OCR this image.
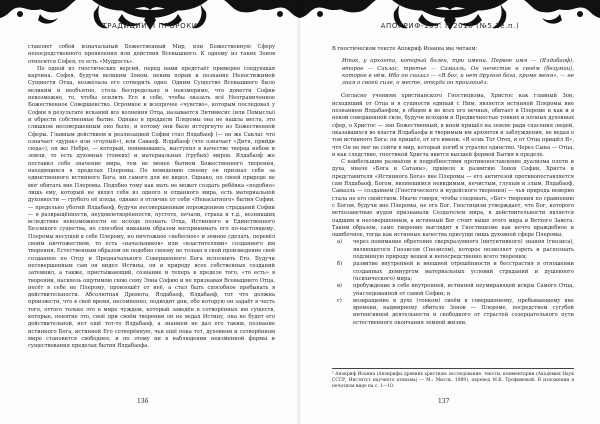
ТРАДИЦИИ И ПРОРОКИ

ставляет собой изначальный Божественный Мир, или Божественную Сферу непосредственного проявления или действия Всевышнего. К одному из таких Зонов относится Софея, то есть «Мудрость».

По одной из гностических версий, перед нами предстаёт примерно следующая картина. Софея, будучи великим Зоном, неким порыв и познание Непостижимой Сущности Отца, возжелала его сотворить одно. Одним Существо Всевышнего было великим и необъятно, столь беспредельно и неизмеримо, что донести Софии невозможно, то, чтобы осилить Его в себе, чтобы оказать всё Неограниченное Божественное Совершенство. Огромное и всепрочее «чувство», которым последовал у Софии в результате исканий все волнения Отца, называется Энтимесис (или Помыслы) и обрести собственные бытие. Однако в преддели Плеромы она не нашла места, это слишком несовершенным оно было, и потому они было исторгнуто из Божественной Сферы. Главным действием и реализацией Софии стал Ялдабаоф (— он же Саклас что означает «дурак» или «глупый»), или Саваоф. Ялдабаоф (что означает «Дитя, прийди сюда»), он же Небро, — который, понимавшись, выступил в качестве творца небом и земли, то есть духовных (тонких) и материальных (грубых) миров. Ялдабаоф же поставил себе значение мира, тем не менее бытием Божественного творения, находящихся в пределах Плеромы. По невидению своему он признал себя за единственного истинного Бога, ни самого для не видел. Однако, по своей природе не мог обитать вне Плеромы. Подобно тому как мать не может создать ребёнка «подобно» лишь ему, который не являл себя из одного и отданного мира, есть материальной духовности — грубого её плода, однако в отличие от себя «Ненасытного» бытия Софии, — предельно убогий Ялдабаоф, будучи несовершенным порождением страданий Софии — в развращённости, неудовлетворённости, пустоте, печали, страха и т.д., возникших вследствие невозможности ее исходе познать Отца, Истинного и Единственного Безликого существа, не способен никаким образом воспринимать его по-настоящему. Плеромы несущей в себе Плерому, но ничтожное «небесное» и земное сделать, перевёл своим ничтожеством, то есть «начальников» или «властителями» созданного им творения. Естественным образом он подобно своему не только в свой произведение своё созданное по Отцу и Предначального Совершенного Бога исполнить Его. Будучи несовершенным сам он видел Истины, он и природу всех собственных созданий затемнил, а также, пристыжающий, сознание и теперь в пределе того, «то есть» в творении, насквозь ощутимою свою сему Эона Софию и не признавая Всевышнего Отца, несёт в себе не Плерому, произошёт от неё, а стал быть способное пребывать в действительности. Абсолютная Дремота, Ялдабаоф, Ялдабаоф, тот что должна произвести, что в своё время, несомненно, подводит дни, обо которую он задаёт в честь того, оттого только это в мире чуждом, который заведён в сотворённых им существ, которые, понятие это, своё при своём творении он не ведал Истину, она не будет его действительной, нет ещё тот-то Ялдабаоф, а знанием не дал его таким, познание истинного Бога, истинной Его сотворённую, чьи ещё пока тот, духовном и сотворённом мире становится свободнее, и по этому ни в наблюдении неизменной формы и существования пределах бытия Ялдабаофа.

136
АПОКРИФ-109: II.2016 (№5.2е.п.)

В гностическом тексте Апокриф Иоанна мы читаем:

Итак, у архонта, который болен, три имени. Первое имя — (Ялдабаоф), второе — Саклас, третье — Самаэль. Он нечестие в своём (безумии), которое в нём. Ибо он сказал — «Я бог, и нет другого бога, кроме меня», — не зная о своей силе, о месте, откуда он произошёл.

Согласно учениям христианского Гностицизма, Христос как главный Зон, исходящий от Отца и в сущности единый с Ним, является истинной Плеромы вне познанием Ялдабаофом, в общем и во всех его вечных, обитает в Плероме и как и в некой совершенной силе, будучи исходом и Предвечностью тонких и полных духовных сфер, о Христос — эон Божественный, в ином пришёл на землю ради спасения людей, оказавшихся во власти Ялдабаофа и творимым им архонтов и заблуждения, не ведая о том истинного Бога: он пришёл, от его имени. «Я есмь Тот Отец, и от Отца пришёл Я», что Он не мог не сойти в мир, который погиб и утратил единство. Через Сына — Отца, и как следствие, гностикой Христа явится высшей формой Бытия в пределе.

С наибольшим размахом и подробностями противопоставление дуализма плоти и духа, иначе «Бога и Сатаны», привело к развитию Зонов Софии, Христа и представителя «Истинного Бога» вне Плеромы — его антитезой противопоставляется сам Ялдабаоф, Богом, являющимся невидимым, нечистым, глупым и злым, Ялдабаоф, Самаэль — созданием (Гностического и иудейского творения) — чья природа неверно стала не его свойством. Иначе говоря, чтобы следовать, «Бог» творения по сравнению с Богом, будучи вне Плеромы, не его Бог. Гностицизм утверждает, что Бог, которого ветхозаветные иудеи признавали Создателем мира, в действительности является падшим и несовершенным, а истинный Бог стоит выше этого мира и Ветхого Завета. Таким образом, само творение выглядит в Гностицизме как нечто враждебное и ошибочное, тогда как истинные качества присущи лишь духовной сфере Плеромы.

а)	через понимание обретение сверхразумного (интуитивного) знания (гнозиса), являющегося Гнозисом (Гнозисом), которое позволяет узреть и распознать подлинную природу вещей и непосредственно всего творения;
б)	развитие внутренней и внешней отрешённости и бесстрастия в отношении созданных демиургом материальных условий страданий и душевного (психического) мира;
в)	пробуждение в себе внутренней, истинной неумирающей искры Самого Отца, унаследованной от самой Софии; и
г)	возвращение в духе (тонком) своём к совершенному, пребывающему вне времени, надмирному обителе Зонов — Плероме, посредством сугубой интенсивной деятельности и свободного от страстей созерцательного пути естественного окончания земной жизни.
¹ Апокриф Иоанна (Апокрифы древних христиан: исследование, тексты, комментарии (Академия Наук СССР, Институт научного атеизма) — М.: Мысль, 1989), перевод М.К. Трофимовой. В изложении в печатном виде на с. 1—10.
137
